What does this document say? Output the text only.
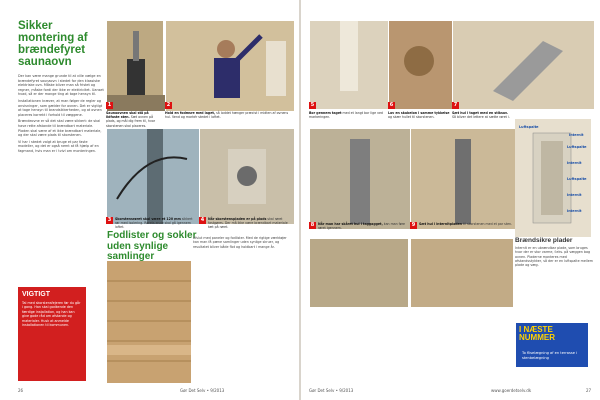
Sikker montering af brændefyret saunaovn

Der kan være mange grunde til at ville vælge en brændefyret saunaovn i stedet for den klassiske elektriske ovn. Måske bliver man så fristet og regner, måske fordi der ikke er elektricitet. Uanset hvad, så er der mange ting at tage hensyn til.

Installationen kræver, at man følger de regler og anvisninger, som gælder for ovnen. Det er vigtigt at tage hensyn til brandsikkerheden, og at ovnen placeres korrekt i forhold til væggene.

Brændeovne er så det skal være sikkert: de skal have rette afstande til brændbart materiale. Pladen skal være af et ikke brændbart materiale, og der skal være plads til skorstenen.

Vi har i stedet valgt at bruge et par faste modeller, og det er også nemt at få hjælp af en fagmand, hvis man er i tvivl om monteringen.

1
Saunaovnen skal stå på ildfaste sten. Sæt ovnen på plads, og mål dig frem til, hvor skorstenen skal placeres.
2
Hold en fodmsre med laget, så loddet hænger præcist i midten af ovnens hul. Vend og markér stedet i loftet.
3	Skorstensrøret skal være et 120 mm sikkert rør med isolering. Rørets ende skal gå igennem loftet.
4	Når skorstenspladen er på plads skal røret fastgøres. Der må ikke være brændbart materiale tæt på røret.
Fodlister og sokler uden synlige samlinger
Afslut med paneler og fodlister. Med de rigtige værktøjer kan man få pæne samlinger uden synlige skruer, og resultatet bliver både flot og holdbart i mange år.
VIGTIGT
Tal med skorstensfejeren før du går i gang. Han skal godkende den færdige installation, og han kan give gode råd om afstande og materialer. Husk at anmelde installationen til kommunen.
26	Gør Det Selv • 9/2013
5
Bor gennem taget med et langt bor lige ved markeringen.
6
Lav en skabelon i samme tykkelse og skær hullet til skorstenen.
7
Sæt hul i taget med en stiksav. Så bliver det lettere at sætte røret i.
8	Når man har skåret hul i taggagget, kan man føre røret igennem.
9	Sæt hul i internitpladen til skorstenen med et par sten.
Luftspalte
Internit
Luftspalte
Internit
Luftspalte
Internit
Internit
Brændsikre plader
Internit er en ubrændbar plade, som bruges hvor der er stor varme, f.eks. på væggen bag ovnen. Pladerne monteres med afstandsstykker, så der er en luftspalte mellem plade og væg.
I NÆSTE NUMMER
To fliselægning af en terrasse i stenbelægning
Gør Det Selv • 9/2013	www.goerdetselv.dk	27
